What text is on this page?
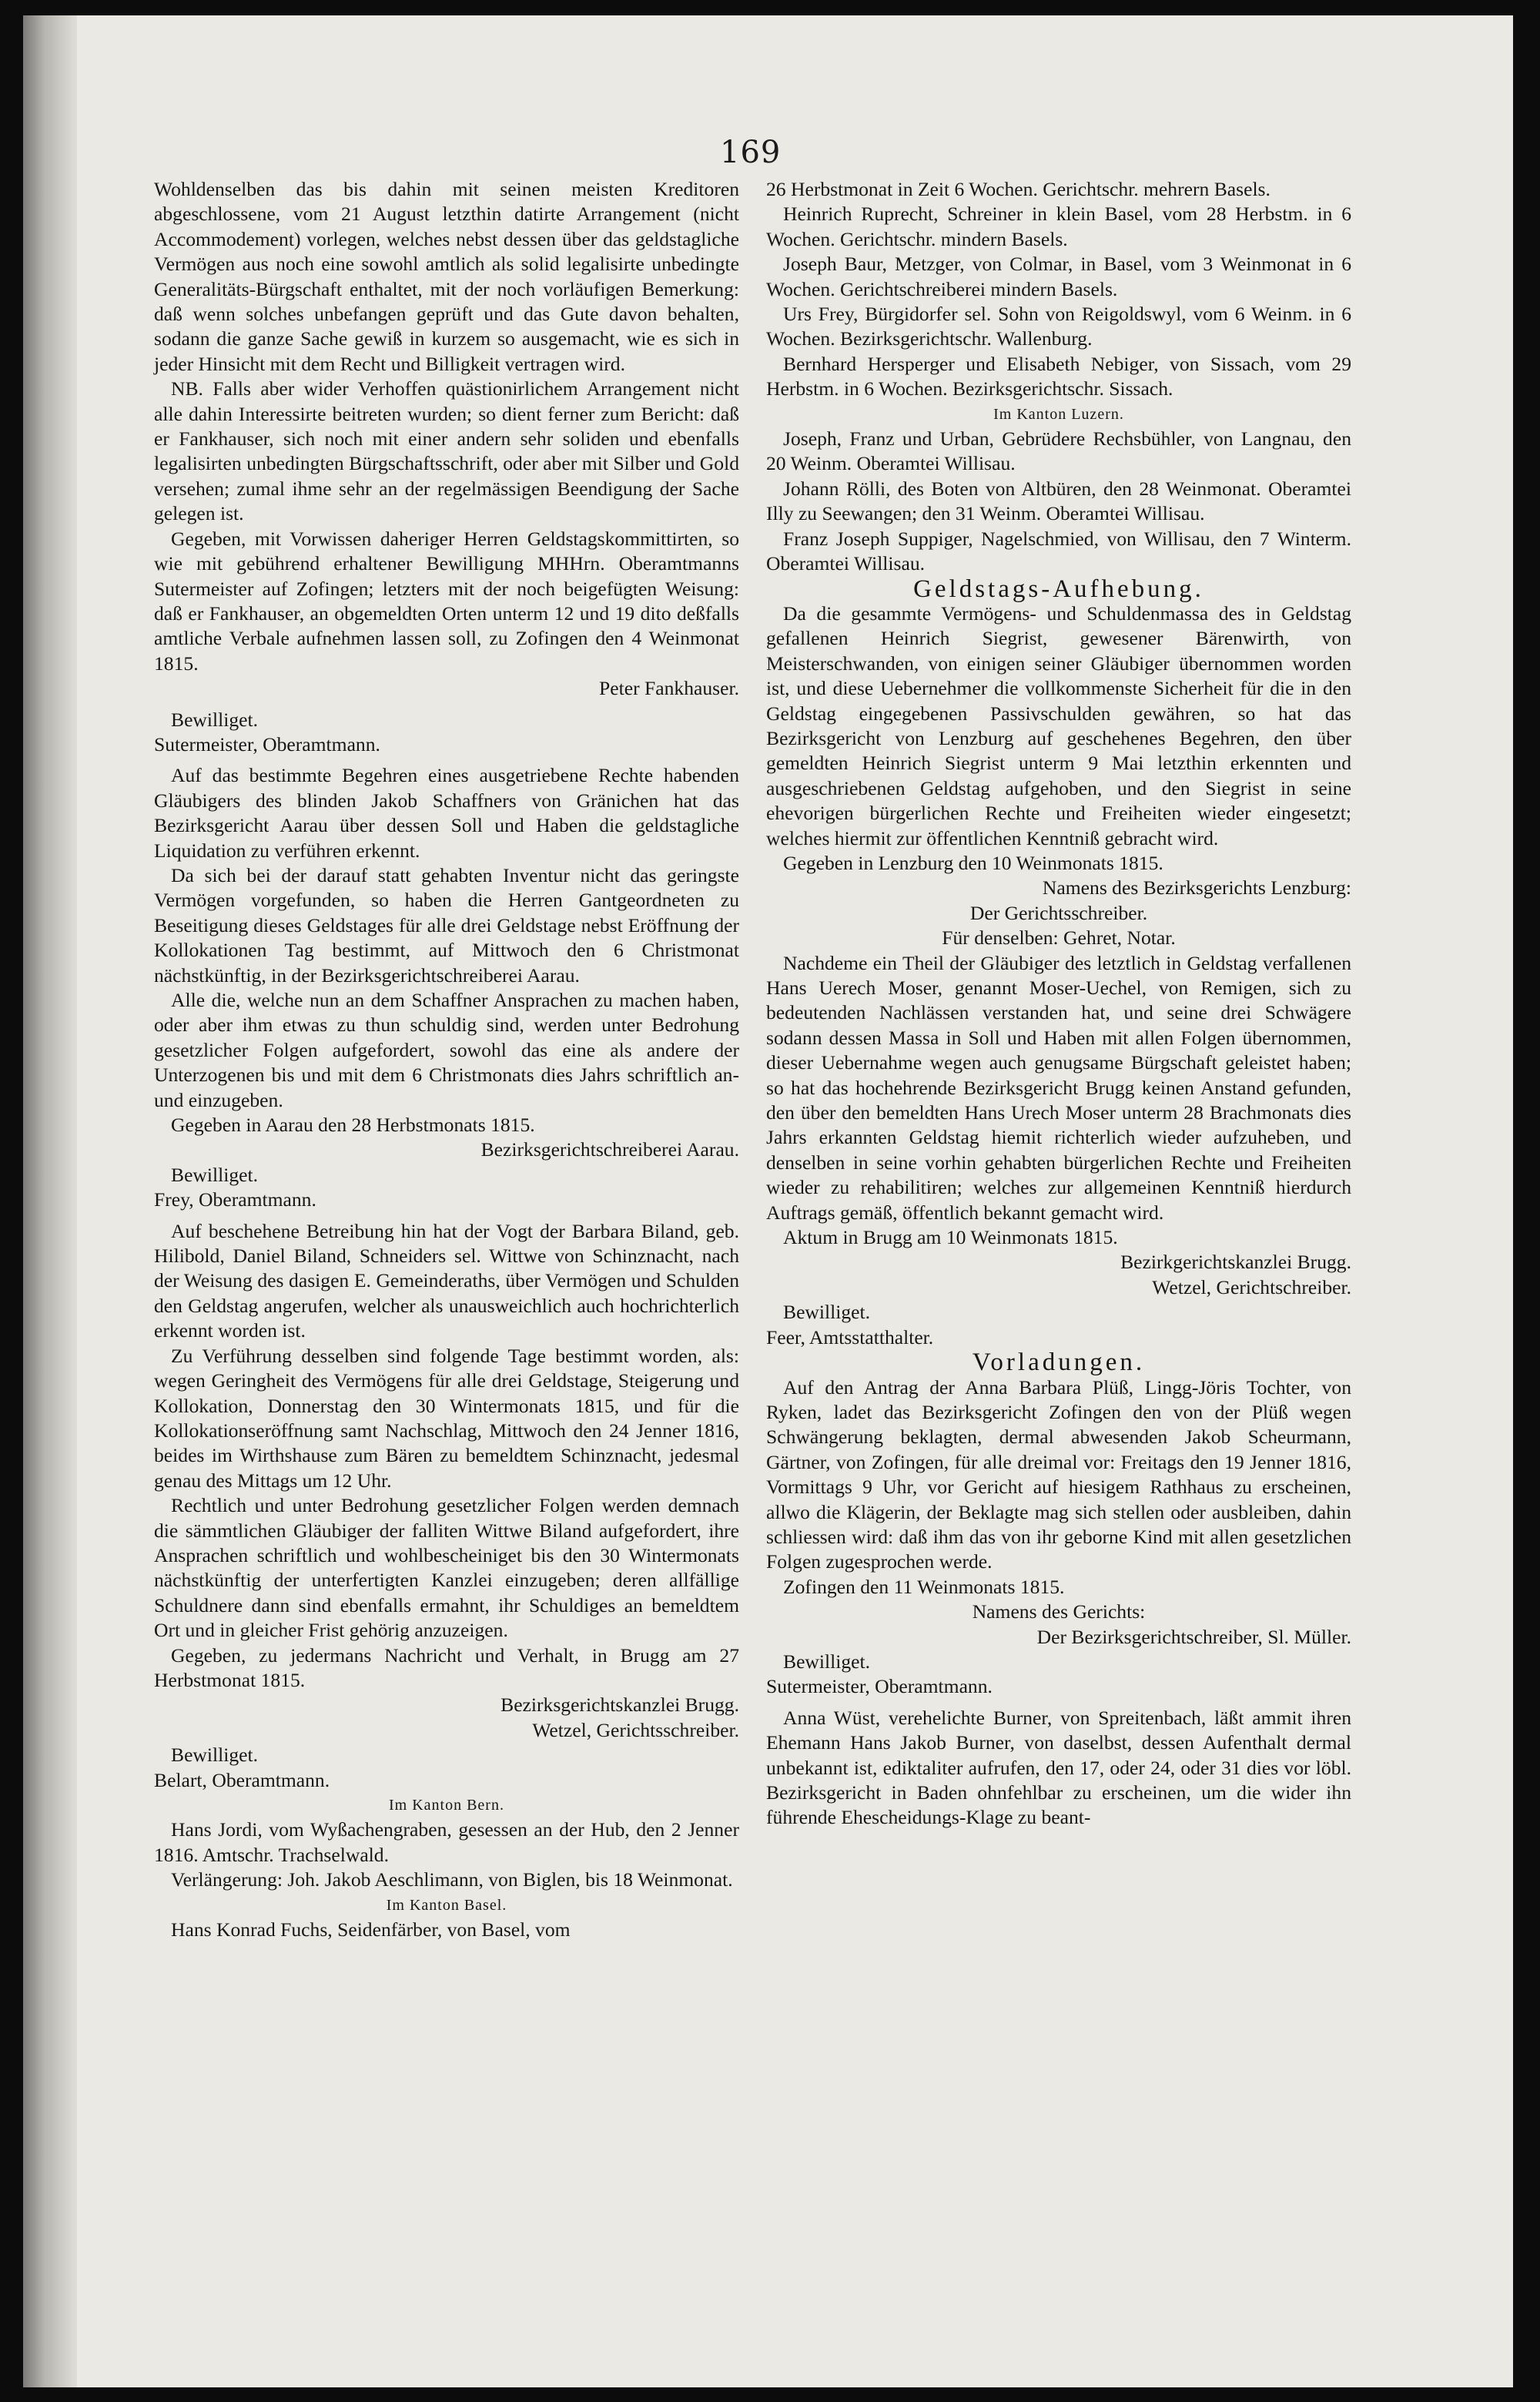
169

Wohldenselben das bis dahin mit seinen meisten Kreditoren abgeschlossene, vom 21 August letzthin datirte Arrangement (nicht Accommodement) vorlegen, welches nebst dessen über das geldstagliche Vermögen aus noch eine sowohl amtlich als solid legalisirte unbedingte Generalitäts-Bürgschaft enthaltet, mit der noch vorläufigen Bemerkung: daß wenn solches unbefangen geprüft und das Gute davon behalten, sodann die ganze Sache gewiß in kurzem so ausgemacht, wie es sich in jeder Hinsicht mit dem Recht und Billigkeit vertragen wird.

NB. Falls aber wider Verhoffen quästionirlichem Arrangement nicht alle dahin Interessirte beitreten wurden; so dient ferner zum Bericht: daß er Fankhauser, sich noch mit einer andern sehr soliden und ebenfalls legalisirten unbedingten Bürgschaftsschrift, oder aber mit Silber und Gold versehen; zumal ihme sehr an der regelmässigen Beendigung der Sache gelegen ist.

Gegeben, mit Vorwissen daheriger Herren Geldstagskommittirten, so wie mit gebührend erhaltener Bewilligung MHHrn. Oberamtmanns Sutermeister auf Zofingen; letzters mit der noch beigefügten Weisung: daß er Fankhauser, an obgemeldten Orten unterm 12 und 19 dito deßfalls amtliche Verbale aufnehmen lassen soll, zu Zofingen den 4 Weinmonat 1815.

Peter Fankhauser.

Bewilliget.

Sutermeister, Oberamtmann.

Auf das bestimmte Begehren eines ausgetriebene Rechte habenden Gläubigers des blinden Jakob Schaffners von Gränichen hat das Bezirksgericht Aarau über dessen Soll und Haben die geldstagliche Liquidation zu verführen erkennt.

Da sich bei der darauf statt gehabten Inventur nicht das geringste Vermögen vorgefunden, so haben die Herren Gantgeordneten zu Beseitigung dieses Geldstages für alle drei Geldstage nebst Eröffnung der Kollokationen Tag bestimmt, auf Mittwoch den 6 Christmonat nächstkünftig, in der Bezirksgerichtschreiberei Aarau.

Alle die, welche nun an dem Schaffner Ansprachen zu machen haben, oder aber ihm etwas zu thun schuldig sind, werden unter Bedrohung gesetzlicher Folgen aufgefordert, sowohl das eine als andere der Unterzogenen bis und mit dem 6 Christmonats dies Jahrs schriftlich an- und einzugeben.

Gegeben in Aarau den 28 Herbstmonats 1815.

Bezirksgerichtschreiberei Aarau.

Bewilliget.

Frey, Oberamtmann.

Auf beschehene Betreibung hin hat der Vogt der Barbara Biland, geb. Hilibold, Daniel Biland, Schneiders sel. Wittwe von Schinznacht, nach der Weisung des dasigen E. Gemeinderaths, über Vermögen und Schulden den Geldstag angerufen, welcher als unausweichlich auch hochrichterlich erkennt worden ist.

Zu Verführung desselben sind folgende Tage bestimmt worden, als: wegen Geringheit des Vermögens für alle drei Geldstage, Steigerung und Kollokation, Donnerstag den 30 Wintermonats 1815, und für die Kollokationseröffnung samt Nachschlag, Mittwoch den 24 Jenner 1816, beides im Wirthshause zum Bären zu bemeldtem Schinznacht, jedesmal genau des Mittags um 12 Uhr.

Rechtlich und unter Bedrohung gesetzlicher Folgen werden demnach die sämmtlichen Gläubiger der falliten Wittwe Biland aufgefordert, ihre Ansprachen schriftlich und wohlbescheiniget bis den 30 Wintermonats nächstkünftig der unterfertigten Kanzlei einzugeben; deren allfällige Schuldnere dann sind ebenfalls ermahnt, ihr Schuldiges an bemeldtem Ort und in gleicher Frist gehörig anzuzeigen.

Gegeben, zu jedermans Nachricht und Verhalt, in Brugg am 27 Herbstmonat 1815.

Bezirksgerichtskanzlei Brugg.

Wetzel, Gerichtsschreiber.

Bewilliget.

Belart, Oberamtmann.

Im Kanton Bern.

Hans Jordi, vom Wyßachengraben, gesessen an der Hub, den 2 Jenner 1816. Amtschr. Trachselwald.

Verlängerung: Joh. Jakob Aeschlimann, von Biglen, bis 18 Weinmonat.

Im Kanton Basel.

Hans Konrad Fuchs, Seidenfärber, von Basel, vom

26 Herbstmonat in Zeit 6 Wochen. Gerichtschr. mehrern Basels.

Heinrich Ruprecht, Schreiner in klein Basel, vom 28 Herbstm. in 6 Wochen. Gerichtschr. mindern Basels.

Joseph Baur, Metzger, von Colmar, in Basel, vom 3 Weinmonat in 6 Wochen. Gerichtschreiberei mindern Basels.

Urs Frey, Bürgidorfer sel. Sohn von Reigoldswyl, vom 6 Weinm. in 6 Wochen. Bezirksgerichtschr. Wallenburg.

Bernhard Hersperger und Elisabeth Nebiger, von Sissach, vom 29 Herbstm. in 6 Wochen. Bezirksgerichtschr. Sissach.

Im Kanton Luzern.

Joseph, Franz und Urban, Gebrüdere Rechsbühler, von Langnau, den 20 Weinm. Oberamtei Willisau.

Johann Rölli, des Boten von Altbüren, den 28 Weinmonat. Oberamtei Illy zu Seewangen; den 31 Weinm. Oberamtei Willisau.

Franz Joseph Suppiger, Nagelschmied, von Willisau, den 7 Winterm. Oberamtei Willisau.

Geldstags-Aufhebung.

Da die gesammte Vermögens- und Schuldenmassa des in Geldstag gefallenen Heinrich Siegrist, gewesener Bärenwirth, von Meisterschwanden, von einigen seiner Gläubiger übernommen worden ist, und diese Uebernehmer die vollkommenste Sicherheit für die in den Geldstag eingegebenen Passivschulden gewähren, so hat das Bezirksgericht von Lenzburg auf geschehenes Begehren, den über gemeldten Heinrich Siegrist unterm 9 Mai letzthin erkennten und ausgeschriebenen Geldstag aufgehoben, und den Siegrist in seine ehevorigen bürgerlichen Rechte und Freiheiten wieder eingesetzt; welches hiermit zur öffentlichen Kenntniß gebracht wird.

Gegeben in Lenzburg den 10 Weinmonats 1815.

Namens des Bezirksgerichts Lenzburg:

Der Gerichtsschreiber.

Für denselben: Gehret, Notar.

Nachdeme ein Theil der Gläubiger des letztlich in Geldstag verfallenen Hans Uerech Moser, genannt Moser-Uechel, von Remigen, sich zu bedeutenden Nachlässen verstanden hat, und seine drei Schwägere sodann dessen Massa in Soll und Haben mit allen Folgen übernommen, dieser Uebernahme wegen auch genugsame Bürgschaft geleistet haben; so hat das hochehrende Bezirksgericht Brugg keinen Anstand gefunden, den über den bemeldten Hans Urech Moser unterm 28 Brachmonats dies Jahrs erkannten Geldstag hiemit richterlich wieder aufzuheben, und denselben in seine vorhin gehabten bürgerlichen Rechte und Freiheiten wieder zu rehabilitiren; welches zur allgemeinen Kenntniß hierdurch Auftrags gemäß, öffentlich bekannt gemacht wird.

Aktum in Brugg am 10 Weinmonats 1815.

Bezirkgerichtskanzlei Brugg.

Wetzel, Gerichtschreiber.

Bewilliget.

Feer, Amtsstatthalter.

Vorladungen.

Auf den Antrag der Anna Barbara Plüß, Lingg-Jöris Tochter, von Ryken, ladet das Bezirksgericht Zofingen den von der Plüß wegen Schwängerung beklagten, dermal abwesenden Jakob Scheurmann, Gärtner, von Zofingen, für alle dreimal vor: Freitags den 19 Jenner 1816, Vormittags 9 Uhr, vor Gericht auf hiesigem Rathhaus zu erscheinen, allwo die Klägerin, der Beklagte mag sich stellen oder ausbleiben, dahin schliessen wird: daß ihm das von ihr geborne Kind mit allen gesetzlichen Folgen zugesprochen werde.

Zofingen den 11 Weinmonats 1815.

Namens des Gerichts:

Der Bezirksgerichtschreiber, Sl. Müller.

Bewilliget.

Sutermeister, Oberamtmann.

Anna Wüst, verehelichte Burner, von Spreitenbach, läßt ammit ihren Ehemann Hans Jakob Burner, von daselbst, dessen Aufenthalt dermal unbekannt ist, ediktaliter aufrufen, den 17, oder 24, oder 31 dies vor löbl. Bezirksgericht in Baden ohnfehlbar zu erscheinen, um die wider ihn führende Ehescheidungs-Klage zu beant-
